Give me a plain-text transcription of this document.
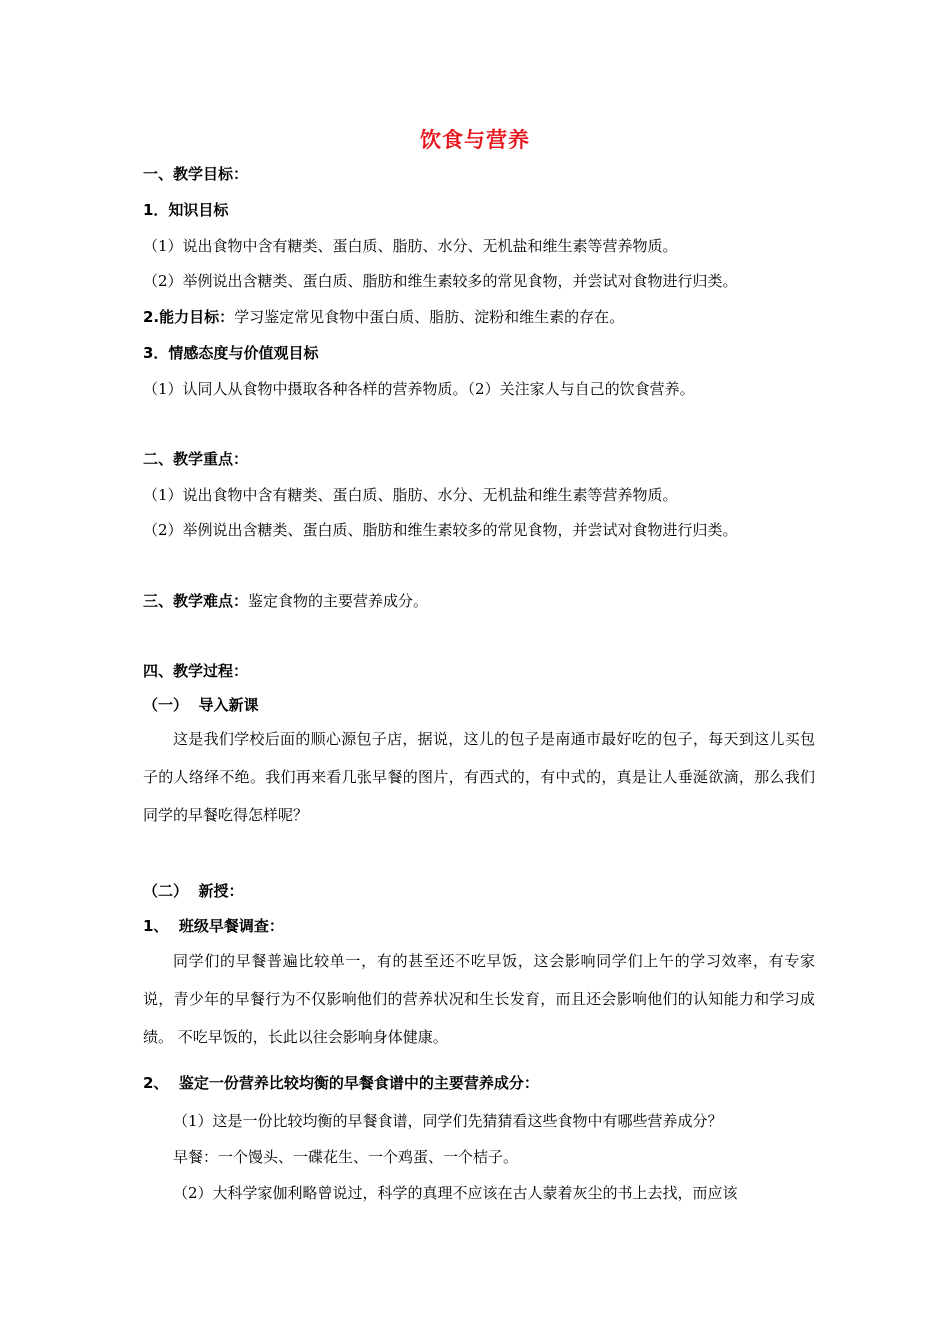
饮食与营养
一、教学目标：
1．知识目标
（1）说出食物中含有糖类、蛋白质、脂肪、水分、无机盐和维生素等营养物质。
（2）举例说出含糖类、蛋白质、脂肪和维生素较多的常见食物，并尝试对食物进行归类。
2.能力目标：学习鉴定常见食物中蛋白质、脂肪、淀粉和维生素的存在。
3．情感态度与价值观目标
（1）认同人从食物中摄取各种各样的营养物质。（2）关注家人与自己的饮食营养。
二、教学重点：
（1）说出食物中含有糖类、蛋白质、脂肪、水分、无机盐和维生素等营养物质。
（2）举例说出含糖类、蛋白质、脂肪和维生素较多的常见食物，并尝试对食物进行归类。
三、教学难点：鉴定食物的主要营养成分。
四、教学过程：
（一）  导入新课
这是我们学校后面的顺心源包子店，据说，这儿的包子是南通市最好吃的包子，每天到这儿买包子的人络绎不绝。我们再来看几张早餐的图片，有西式的，有中式的，真是让人垂涎欲滴，那么我们同学的早餐吃得怎样呢？
（二）  新授：
1、  班级早餐调查：
同学们的早餐普遍比较单一，有的甚至还不吃早饭，这会影响同学们上午的学习效率，有专家说，青少年的早餐行为不仅影响他们的营养状况和生长发育，而且还会影响他们的认知能力和学习成绩。 不吃早饭的，长此以往会影响身体健康。
2、  鉴定一份营养比较均衡的早餐食谱中的主要营养成分：
（1）这是一份比较均衡的早餐食谱，同学们先猜猜看这些食物中有哪些营养成分？
早餐：一个馒头、一碟花生、一个鸡蛋、一个桔子。
（2）大科学家伽利略曾说过，科学的真理不应该在古人蒙着灰尘的书上去找，而应该
